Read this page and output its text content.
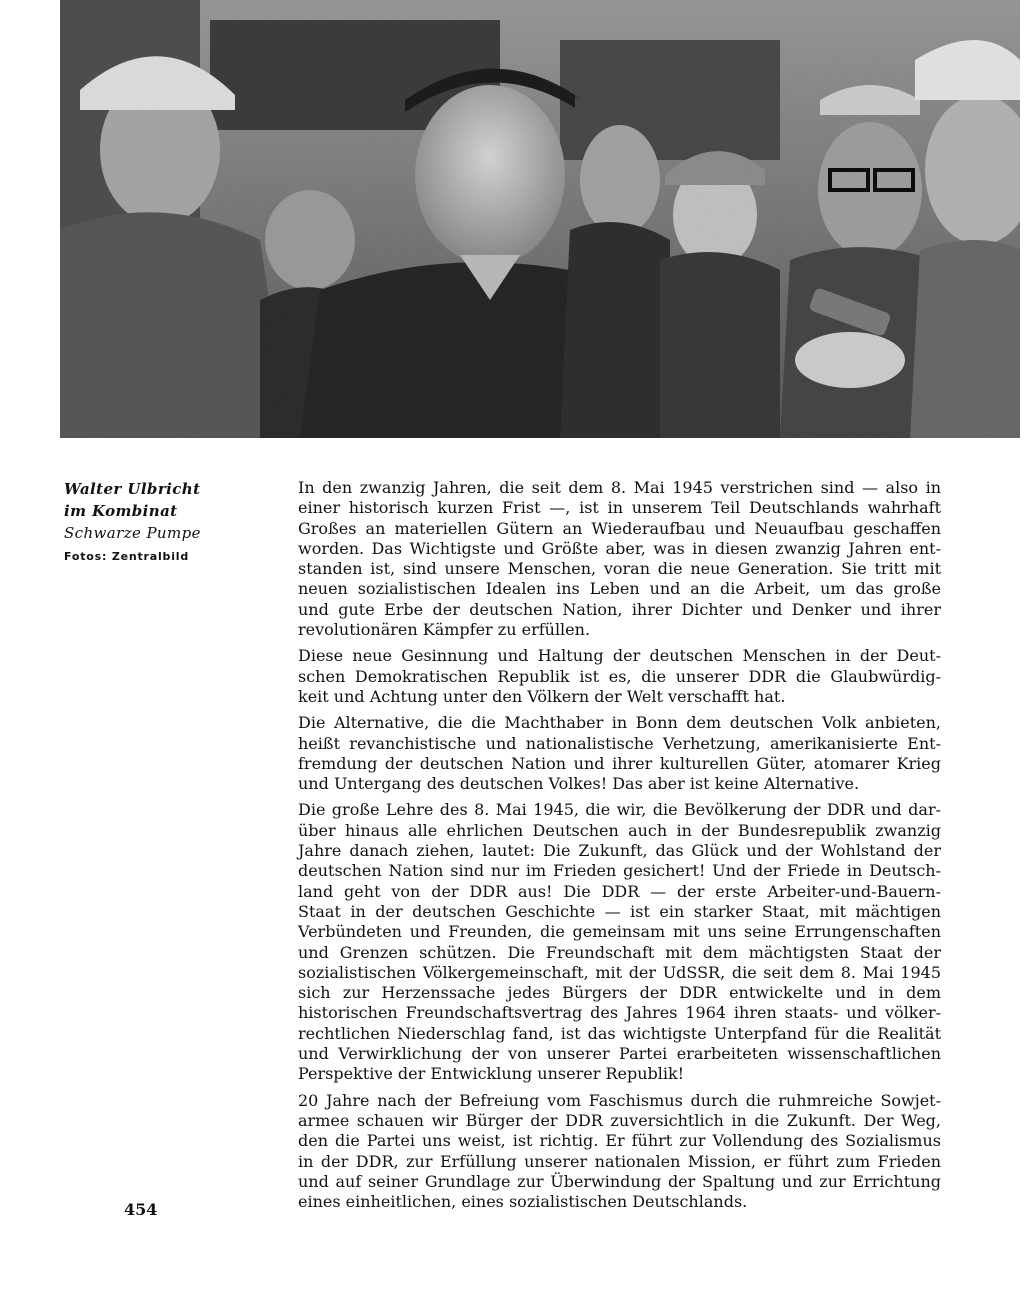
Walter Ulbricht
im Kombinat
Schwarze Pumpe
Fotos: Zentralbild
In den zwanzig Jahren, die seit dem 8. Mai 1945 verstrichen sind — also in
einer historisch kurzen Frist —, ist in unserem Teil Deutschlands wahrhaft
Großes an materiellen Gütern an Wiederaufbau und Neuaufbau geschaffen
worden. Das Wichtigste und Größte aber, was in diesen zwanzig Jahren ent-
standen ist, sind unsere Menschen, voran die neue Generation. Sie tritt mit
neuen sozialistischen Idealen ins Leben und an die Arbeit, um das große
und gute Erbe der deutschen Nation, ihrer Dichter und Denker und ihrer
revolutionären Kämpfer zu erfüllen.
Diese neue Gesinnung und Haltung der deutschen Menschen in der Deut-
schen Demokratischen Republik ist es, die unserer DDR die Glaubwürdig-
keit und Achtung unter den Völkern der Welt verschafft hat.
Die Alternative, die die Machthaber in Bonn dem deutschen Volk anbieten,
heißt revanchistische und nationalistische Verhetzung, amerikanisierte Ent-
fremdung der deutschen Nation und ihrer kulturellen Güter, atomarer Krieg
und Untergang des deutschen Volkes! Das aber ist keine Alternative.
Die große Lehre des 8. Mai 1945, die wir, die Bevölkerung der DDR und dar-
über hinaus alle ehrlichen Deutschen auch in der Bundesrepublik zwanzig
Jahre danach ziehen, lautet: Die Zukunft, das Glück und der Wohlstand der
deutschen Nation sind nur im Frieden gesichert! Und der Friede in Deutsch-
land geht von der DDR aus! Die DDR — der erste Arbeiter-und-Bauern-
Staat in der deutschen Geschichte — ist ein starker Staat, mit mächtigen
Verbündeten und Freunden, die gemeinsam mit uns seine Errungenschaften
und Grenzen schützen. Die Freundschaft mit dem mächtigsten Staat der
sozialistischen Völkergemeinschaft, mit der UdSSR, die seit dem 8. Mai 1945
sich zur Herzenssache jedes Bürgers der DDR entwickelte und in dem
historischen Freundschaftsvertrag des Jahres 1964 ihren staats- und völker-
rechtlichen Niederschlag fand, ist das wichtigste Unterpfand für die Realität
und Verwirklichung der von unserer Partei erarbeiteten wissenschaftlichen
Perspektive der Entwicklung unserer Republik!
20 Jahre nach der Befreiung vom Faschismus durch die ruhmreiche Sowjet-
armee schauen wir Bürger der DDR zuversichtlich in die Zukunft. Der Weg,
den die Partei uns weist, ist richtig. Er führt zur Vollendung des Sozialismus
in der DDR, zur Erfüllung unserer nationalen Mission, er führt zum Frieden
und auf seiner Grundlage zur Überwindung der Spaltung und zur Errichtung
eines einheitlichen, eines sozialistischen Deutschlands.
454
